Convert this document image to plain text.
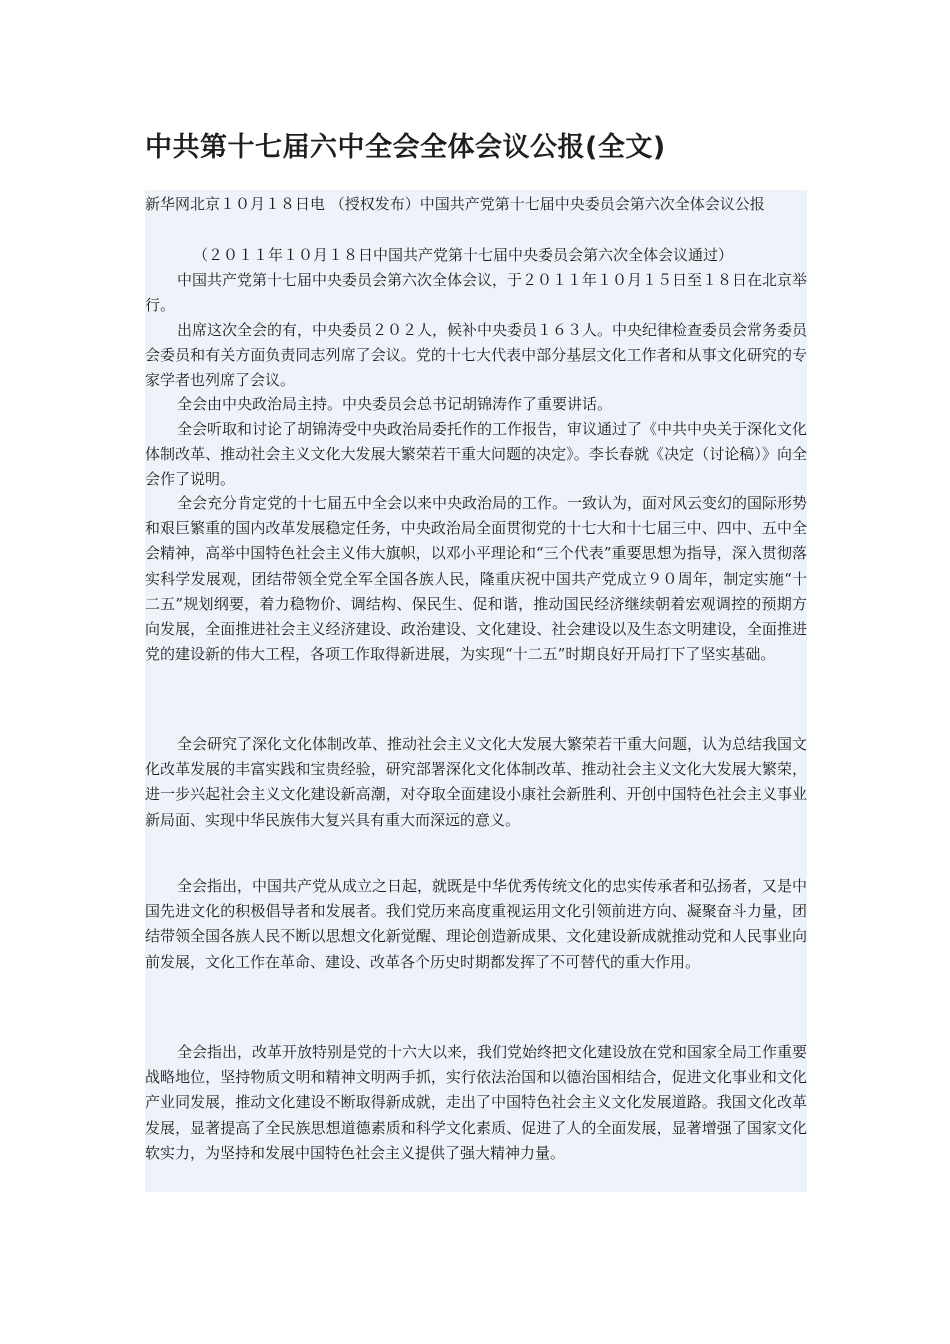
中共第十七届六中全会全体会议公报(全文)

新华网北京１０月１８日电 （授权发布）中国共产党第十七届中央委员会第六次全体会议公报

（２０１１年１０月１８日中国共产党第十七届中央委员会第六次全体会议通过）

中国共产党第十七届中央委员会第六次全体会议，于２０１１年１０月１５日至１８日在北京举行。

出席这次全会的有，中央委员２０２人，候补中央委员１６３人。中央纪律检查委员会常务委员会委员和有关方面负责同志列席了会议。党的十七大代表中部分基层文化工作者和从事文化研究的专家学者也列席了会议。

全会由中央政治局主持。中央委员会总书记胡锦涛作了重要讲话。

全会听取和讨论了胡锦涛受中央政治局委托作的工作报告，审议通过了《中共中央关于深化文化体制改革、推动社会主义文化大发展大繁荣若干重大问题的决定》。李长春就《决定（讨论稿）》向全会作了说明。

全会充分肯定党的十七届五中全会以来中央政治局的工作。一致认为，面对风云变幻的国际形势和艰巨繁重的国内改革发展稳定任务，中央政治局全面贯彻党的十七大和十七届三中、四中、五中全会精神，高举中国特色社会主义伟大旗帜，以邓小平理论和“三个代表”重要思想为指导，深入贯彻落实科学发展观，团结带领全党全军全国各族人民，隆重庆祝中国共产党成立９０周年，制定实施“十二五”规划纲要，着力稳物价、调结构、保民生、促和谐，推动国民经济继续朝着宏观调控的预期方向发展，全面推进社会主义经济建设、政治建设、文化建设、社会建设以及生态文明建设，全面推进党的建设新的伟大工程，各项工作取得新进展，为实现“十二五”时期良好开局打下了坚实基础。

全会研究了深化文化体制改革、推动社会主义文化大发展大繁荣若干重大问题，认为总结我国文化改革发展的丰富实践和宝贵经验，研究部署深化文化体制改革、推动社会主义文化大发展大繁荣，进一步兴起社会主义文化建设新高潮，对夺取全面建设小康社会新胜利、开创中国特色社会主义事业新局面、实现中华民族伟大复兴具有重大而深远的意义。

全会指出，中国共产党从成立之日起，就既是中华优秀传统文化的忠实传承者和弘扬者，又是中国先进文化的积极倡导者和发展者。我们党历来高度重视运用文化引领前进方向、凝聚奋斗力量，团结带领全国各族人民不断以思想文化新觉醒、理论创造新成果、文化建设新成就推动党和人民事业向前发展，文化工作在革命、建设、改革各个历史时期都发挥了不可替代的重大作用。

全会指出，改革开放特别是党的十六大以来，我们党始终把文化建设放在党和国家全局工作重要战略地位，坚持物质文明和精神文明两手抓，实行依法治国和以德治国相结合，促进文化事业和文化产业同发展，推动文化建设不断取得新成就，走出了中国特色社会主义文化发展道路。我国文化改革发展，显著提高了全民族思想道德素质和科学文化素质、促进了人的全面发展，显著增强了国家文化软实力，为坚持和发展中国特色社会主义提供了强大精神力量。
